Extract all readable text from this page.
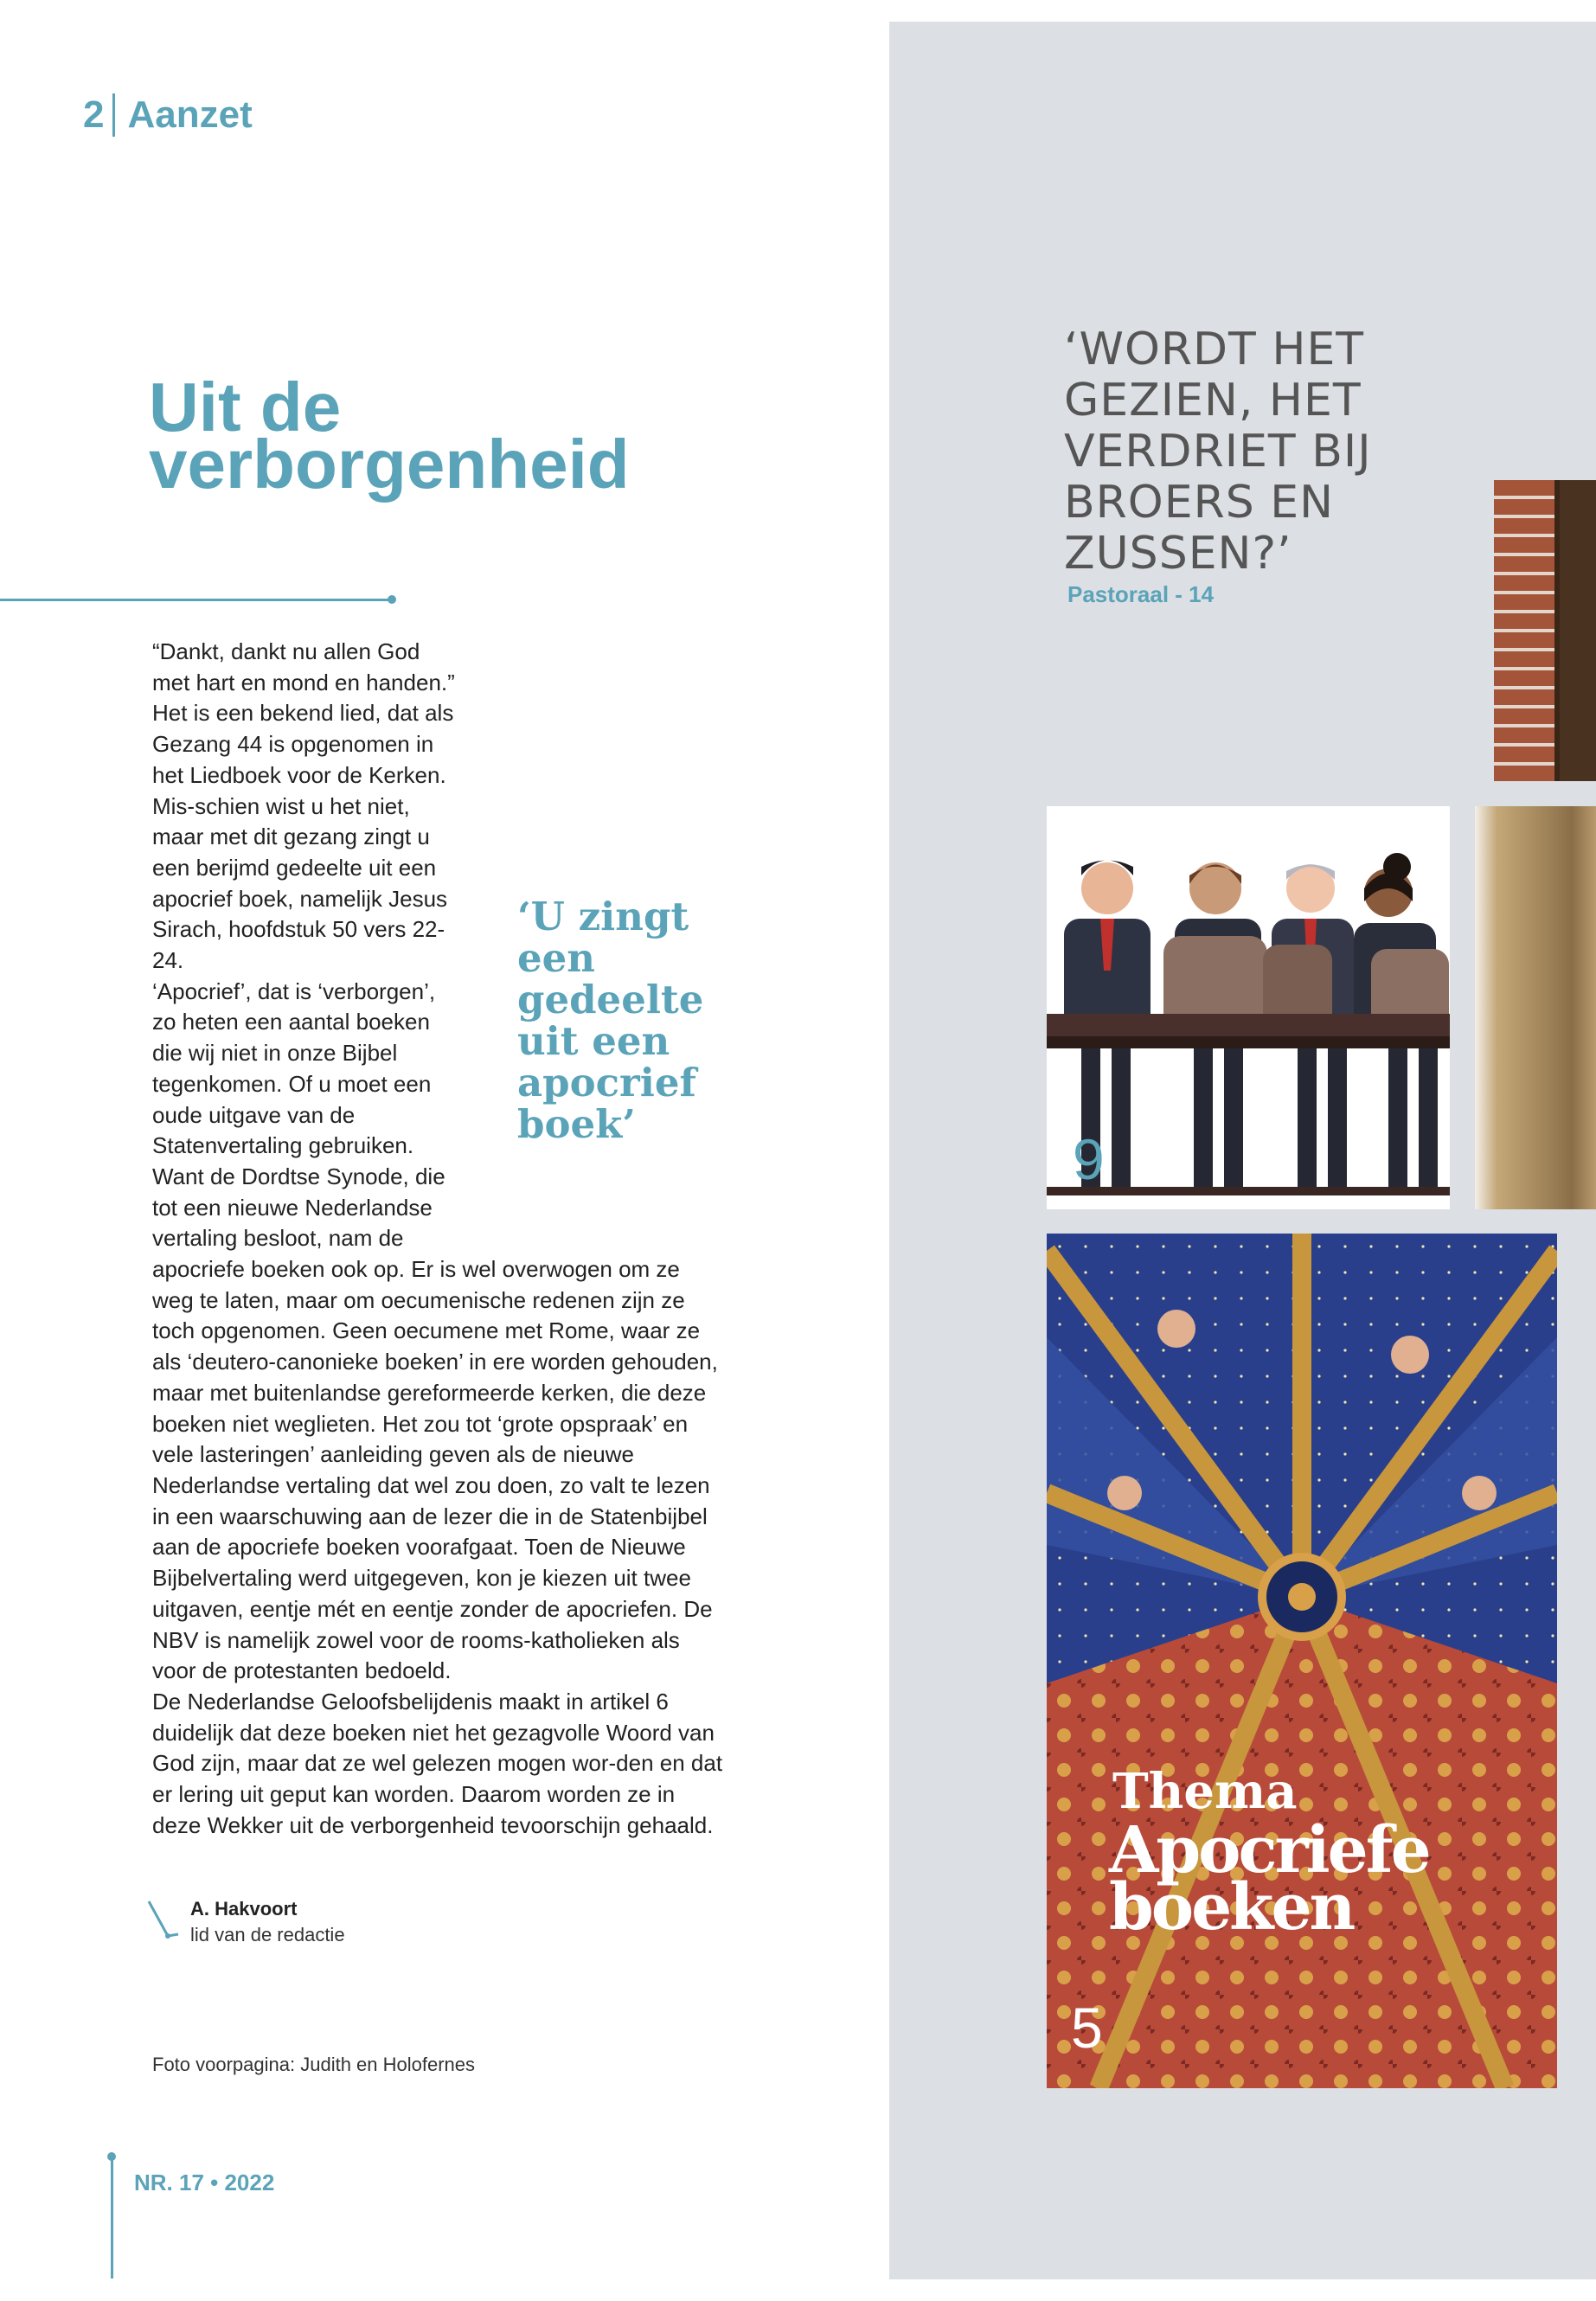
2 Aanzet
Uit de
verborgenheid

“Dankt, dankt nu allen God met hart en mond en handen.” Het is een bekend lied, dat als Gezang 44 is opgenomen in het Liedboek voor de Kerken. Mis-schien wist u het niet, maar met dit gezang zingt u een berijmd gedeelte uit een apocrief boek, namelijk Jesus Sirach, hoofdstuk 50 vers 22-24.

‘Apocrief’, dat is ‘verborgen’, zo heten een aantal boeken die wij niet in onze Bijbel tegenkomen. Of u moet een oude uitgave van de Statenvertaling gebruiken. Want de Dordtse Synode, die tot een nieuwe Nederlandse vertaling besloot, nam de apocriefe boeken ook op. Er is wel overwogen om ze weg te laten, maar om oecumenische redenen zijn ze toch opgenomen. Geen oecumene met Rome, waar ze als ‘deutero-canonieke boeken’ in ere worden gehouden, maar met buitenlandse gereformeerde kerken, die deze boeken niet weglieten. Het zou tot ‘grote opspraak’ en vele lasteringen’ aanleiding geven als de nieuwe Nederlandse vertaling dat wel zou doen, zo valt te lezen in een waarschuwing aan de lezer die in de Statenbijbel aan de apocriefe boeken voorafgaat. Toen de Nieuwe Bijbelvertaling werd uitgegeven, kon je kiezen uit twee uitgaven, eentje mét en eentje zonder de apocriefen. De NBV is namelijk zowel voor de rooms-katholieken als voor de protestanten bedoeld.

De Nederlandse Geloofsbelijdenis maakt in artikel 6 duidelijk dat deze boeken niet het gezagvolle Woord van God zijn, maar dat ze wel gelezen mogen wor-den en dat er lering uit geput kan worden. Daarom worden ze in deze Wekker uit de verborgenheid tevoorschijn gehaald.

‘U zingt een gedeelte uit een apocrief boek’
A. Hakvoort
lid van de redactie
Foto voorpagina: Judith en Holofernes
NR. 17 • 2022
‘WORDT HET GEZIEN, HET VERDRIET BIJ BROERS EN ZUSSEN?’
Pastoraal - 14
9
Thema
Apocriefe boeken
5
